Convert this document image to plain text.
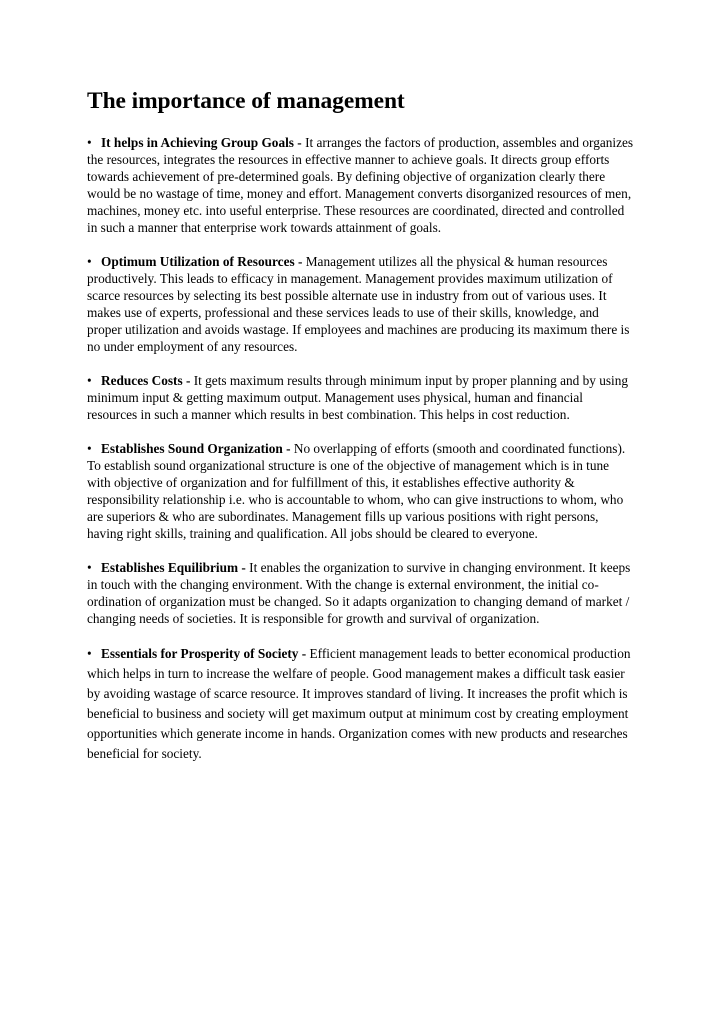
The importance of management

• It helps in Achieving Group Goals - It arranges the factors of production, assembles and organizes the resources, integrates the resources in effective manner to achieve goals. It directs group efforts towards achievement of pre-determined goals. By defining objective of organization clearly there would be no wastage of time, money and effort. Management converts disorganized resources of men, machines, money etc. into useful enterprise. These resources are coordinated, directed and controlled in such a manner that enterprise work towards attainment of goals.

• Optimum Utilization of Resources - Management utilizes all the physical & human resources productively. This leads to efficacy in management. Management provides maximum utilization of scarce resources by selecting its best possible alternate use in industry from out of various uses. It makes use of experts, professional and these services leads to use of their skills, knowledge, and proper utilization and avoids wastage. If employees and machines are producing its maximum there is no under employment of any resources.

• Reduces Costs - It gets maximum results through minimum input by proper planning and by using minimum input & getting maximum output. Management uses physical, human and financial resources in such a manner which results in best combination. This helps in cost reduction.

• Establishes Sound Organization - No overlapping of efforts (smooth and coordinated functions). To establish sound organizational structure is one of the objective of management which is in tune with objective of organization and for fulfillment of this, it establishes effective authority & responsibility relationship i.e. who is accountable to whom, who can give instructions to whom, who are superiors & who are subordinates. Management fills up various positions with right persons, having right skills, training and qualification. All jobs should be cleared to everyone.

• Establishes Equilibrium - It enables the organization to survive in changing environment. It keeps in touch with the changing environment. With the change is external environment, the initial co-ordination of organization must be changed. So it adapts organization to changing demand of market / changing needs of societies. It is responsible for growth and survival of organization.

• Essentials for Prosperity of Society - Efficient management leads to better economical production which helps in turn to increase the welfare of people. Good management makes a difficult task easier by avoiding wastage of scarce resource. It improves standard of living. It increases the profit which is beneficial to business and society will get maximum output at minimum cost by creating employment opportunities which generate income in hands. Organization comes with new products and researches beneficial for society.
